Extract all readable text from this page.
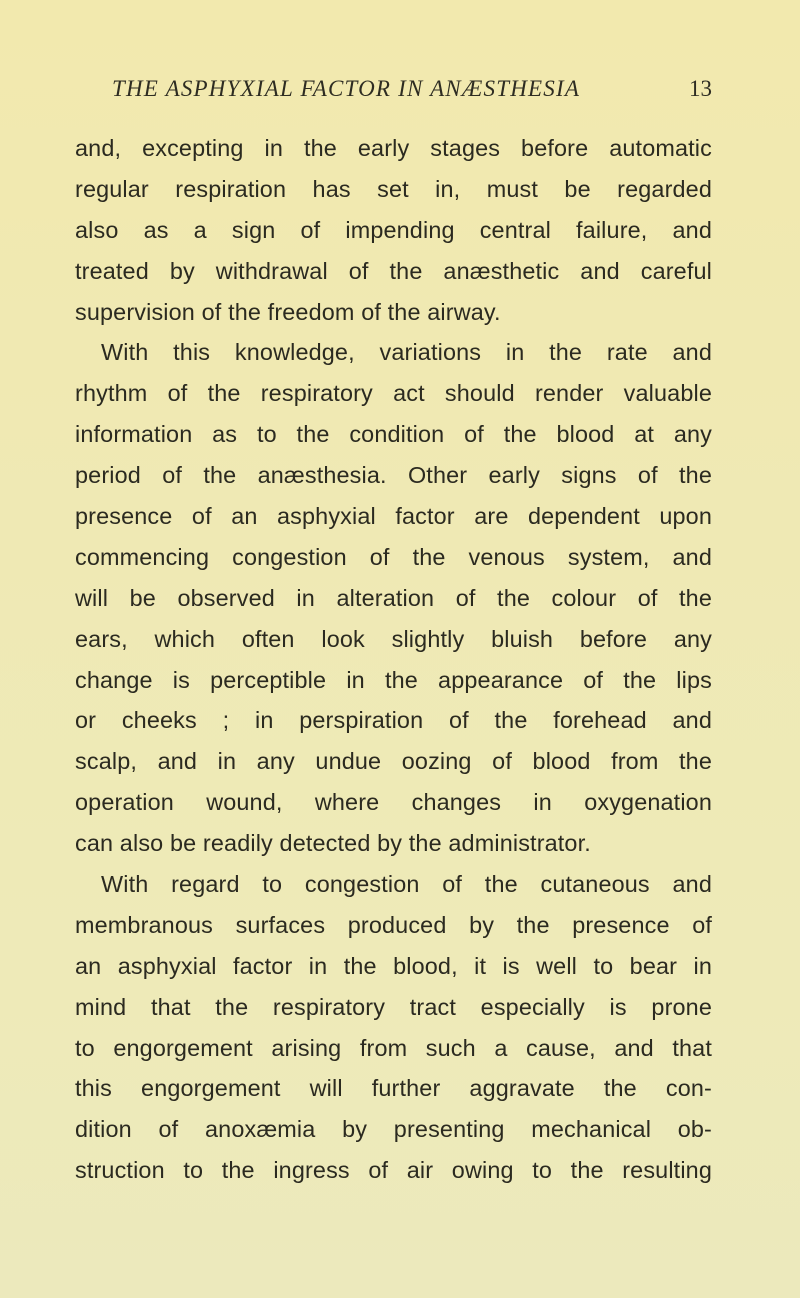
THE ASPHYXIAL FACTOR IN ANÆSTHESIA	13
and, excepting in the early stages before automatic
regular respiration has set in, must be regarded
also as a sign of impending central failure, and
treated by withdrawal of the anæsthetic and careful
supervision of the freedom of the airway.
With this knowledge, variations in the rate and
rhythm of the respiratory act should render valuable
information as to the condition of the blood at any
period of the anæsthesia. Other early signs of the
presence of an asphyxial factor are dependent upon
commencing congestion of the venous system, and
will be observed in alteration of the colour of the
ears, which often look slightly bluish before any
change is perceptible in the appearance of the lips
or cheeks ; in perspiration of the forehead and
scalp, and in any undue oozing of blood from the
operation wound, where changes in oxygenation
can also be readily detected by the administrator.
With regard to congestion of the cutaneous and
membranous surfaces produced by the presence of
an asphyxial factor in the blood, it is well to bear in
mind that the respiratory tract especially is prone
to engorgement arising from such a cause, and that
this engorgement will further aggravate the con-
dition of anoxæmia by presenting mechanical ob-
struction to the ingress of air owing to the resulting
